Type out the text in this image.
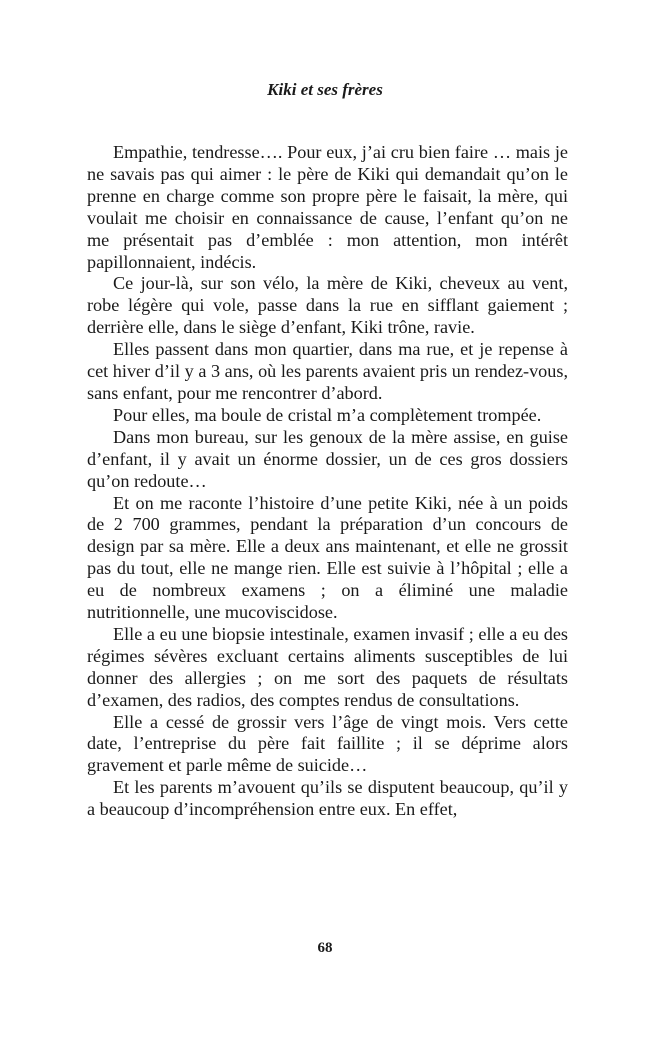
Kiki et ses frères

Empathie, tendresse…. Pour eux, j’ai cru bien faire … mais je ne savais pas qui aimer : le père de Kiki qui demandait qu’on le prenne en charge comme son propre père le faisait, la mère, qui voulait me choisir en connaissance de cause, l’enfant qu’on ne me présentait pas d’emblée : mon attention, mon intérêt papillonnaient, indécis.

Ce jour-là, sur son vélo, la mère de Kiki, cheveux au vent, robe légère qui vole, passe dans la rue en sifflant gaiement ; derrière elle, dans le siège d’enfant, Kiki trône, ravie.

Elles passent dans mon quartier, dans ma rue, et je repense à cet hiver d’il y a 3 ans, où les parents avaient pris un rendez-vous, sans enfant, pour me rencontrer d’abord.

Pour elles, ma boule de cristal m’a complètement trompée.

Dans mon bureau, sur les genoux de la mère assise, en guise d’enfant, il y avait un énorme dossier, un de ces gros dossiers qu’on redoute…

Et on me raconte l’histoire d’une petite Kiki, née à un poids de 2 700 grammes, pendant la préparation d’un concours de design par sa mère. Elle a deux ans maintenant, et elle ne grossit pas du tout, elle ne mange rien. Elle est suivie à l’hôpital ; elle a eu de nombreux examens ; on a éliminé une maladie nutritionnelle, une mucoviscidose.

Elle a eu une biopsie intestinale, examen invasif ; elle a eu des régimes sévères excluant certains aliments susceptibles de lui donner des allergies ; on me sort des paquets de résultats d’examen, des radios, des comptes rendus de consultations.

Elle a cessé de grossir vers l’âge de vingt mois. Vers cette date, l’entreprise du père fait faillite ; il se déprime alors gravement et parle même de suicide…

Et les parents m’avouent qu’ils se disputent beaucoup, qu’il y a beaucoup d’incompréhension entre eux. En effet,

68
